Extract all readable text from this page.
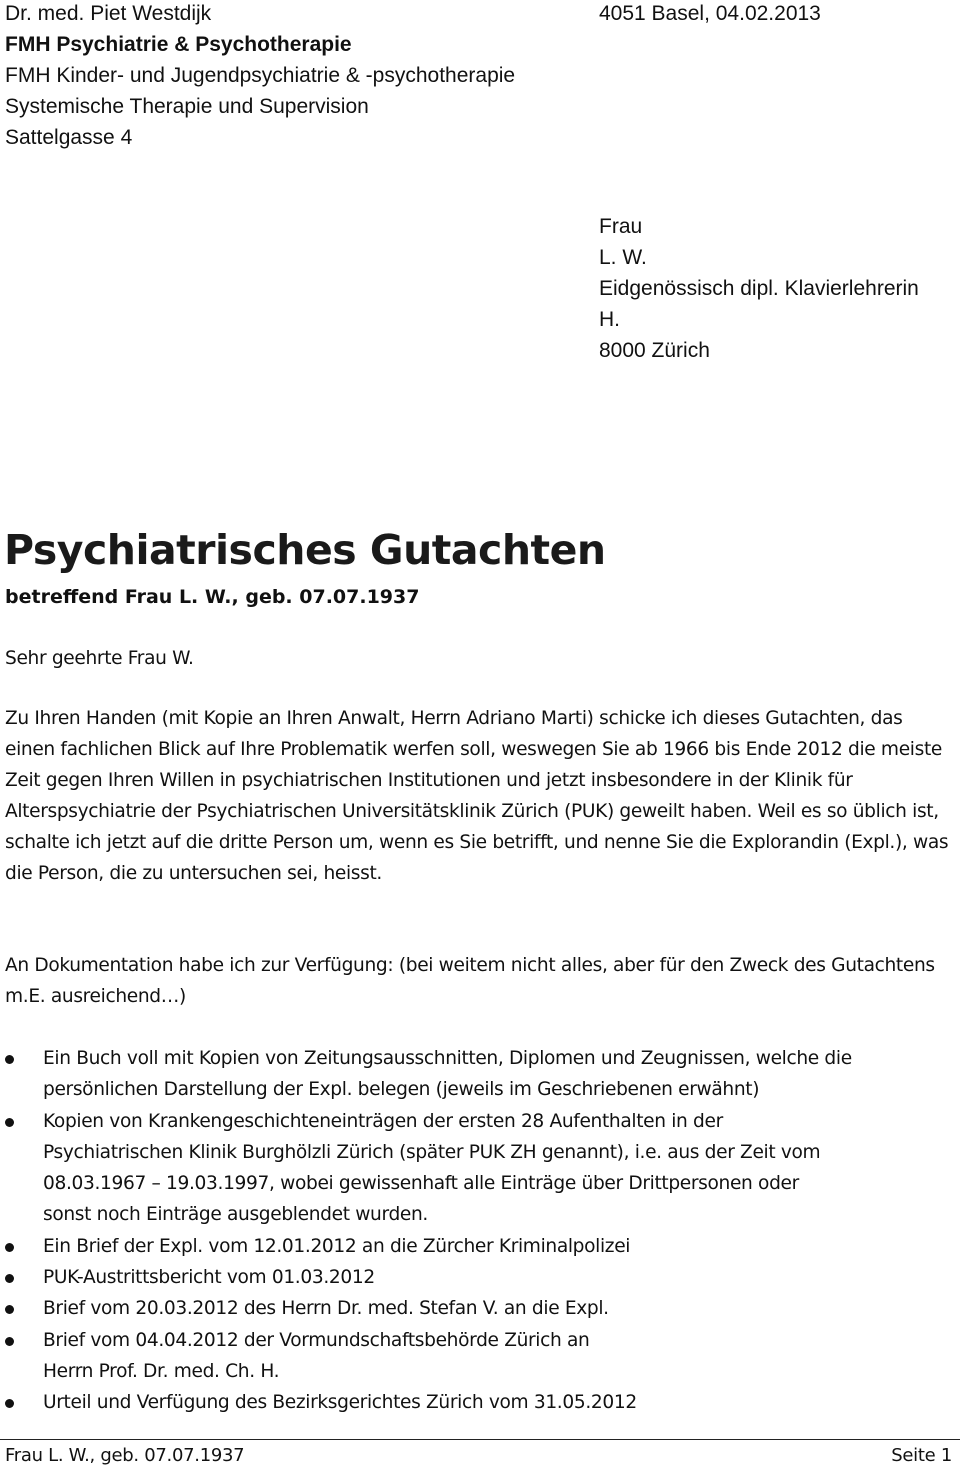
Dr. med. Piet Westdijk
FMH Psychiatrie & Psychotherapie
FMH Kinder- und Jugendpsychiatrie & -psychotherapie
Systemische Therapie und Supervision
Sattelgasse 4
4051 Basel, 04.02.2013
Frau
L. W.
Eidgenössisch dipl. Klavierlehrerin
H.
8000 Zürich
Psychiatrisches Gutachten
betreffend Frau L. W., geb. 07.07.1937
Sehr geehrte Frau W.
Zu Ihren Handen (mit Kopie an Ihren Anwalt, Herrn Adriano Marti) schicke ich dieses Gutachten, das einen fachlichen Blick auf Ihre Problematik werfen soll, weswegen Sie ab 1966 bis Ende 2012 die meiste Zeit gegen Ihren Willen in psychiatrischen Institutionen und jetzt insbesondere in der Klinik für Alterspsychiatrie der Psychiatrischen Universitätsklinik Zürich (PUK) geweilt haben. Weil es so üblich ist, schalte ich jetzt auf die dritte Person um, wenn es Sie betrifft, und nenne Sie die Explorandin (Expl.), was die Person, die zu untersuchen sei, heisst.
An Dokumentation habe ich zur Verfügung: (bei weitem nicht alles, aber für den Zweck des Gutachtens m.E. ausreichend…)
Ein Buch voll mit Kopien von Zeitungsausschnitten, Diplomen und Zeugnissen, welche die
persönlichen Darstellung der Expl. belegen (jeweils im Geschriebenen erwähnt)
Kopien von Krankengeschichteneinträgen der ersten 28 Aufenthalten in der
Psychiatrischen Klinik Burghölzli Zürich (später PUK ZH genannt), i.e. aus der Zeit vom
08.03.1967 – 19.03.1997, wobei gewissenhaft alle Einträge über Drittpersonen oder
sonst noch Einträge ausgeblendet wurden.
Ein Brief der Expl. vom 12.01.2012 an die Zürcher Kriminalpolizei
PUK-Austrittsbericht vom 01.03.2012
Brief vom 20.03.2012 des Herrn Dr. med. Stefan V. an die Expl.
Brief vom 04.04.2012 der Vormundschaftsbehörde Zürich an
Herrn Prof. Dr. med. Ch. H.
Urteil und Verfügung des Bezirksgerichtes Zürich vom 31.05.2012
Frau L. W., geb. 07.07.1937	Seite 1
